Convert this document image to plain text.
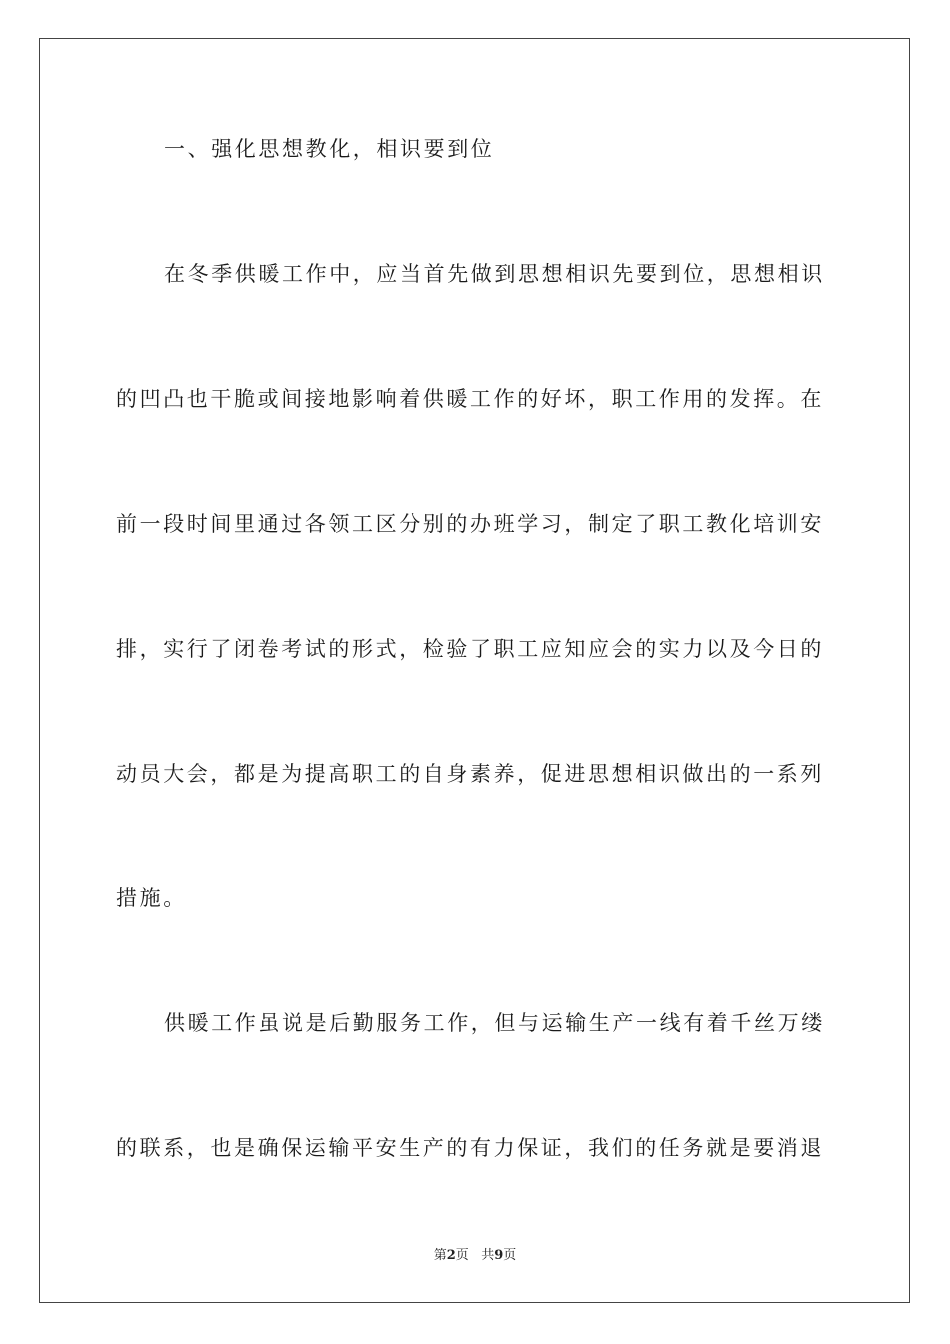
一、强化思想教化，相识要到位
在冬季供暖工作中，应当首先做到思想相识先要到位，思想相识
的凹凸也干脆或间接地影响着供暖工作的好坏，职工作用的发挥。在
前一段时间里通过各领工区分别的办班学习，制定了职工教化培训安
排，实行了闭卷考试的形式，检验了职工应知应会的实力以及今日的
动员大会，都是为提高职工的自身素养，促进思想相识做出的一系列
措施。
供暖工作虽说是后勤服务工作，但与运输生产一线有着千丝万缕
的联系，也是确保运输平安生产的有力保证，我们的任务就是要消退
第2页 共9页
